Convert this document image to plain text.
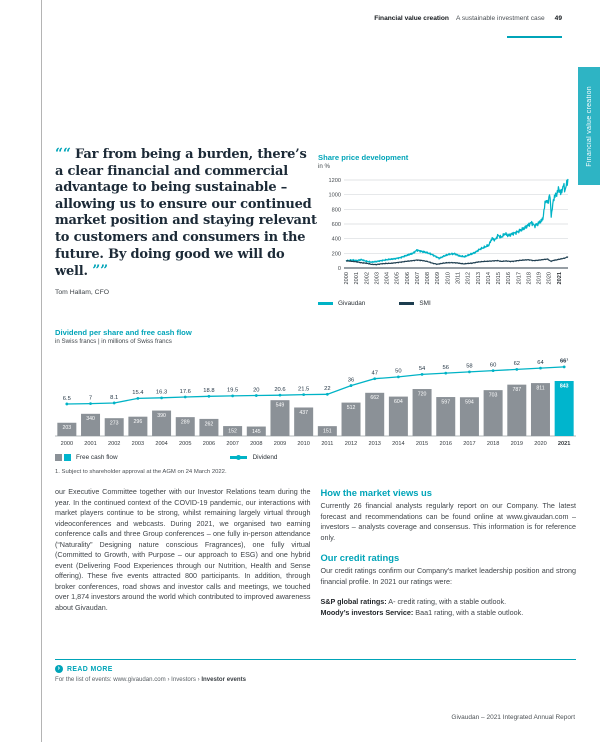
Financial value creation A sustainable investment case 49
Financial value creation
““ Far from being a burden, there’s a clear financial and commercial advantage to being sustainable – allowing us to ensure our continued market position and staying relevant to customers and consumers in the future. By doing good we will do well. ””
Tom Hallam, CFO
Share price development
in %
0
200
400
600
800
1000
1200
2000 2001 2002 2003 2004 2005 2006 2007 2008 2009 2010 2011 2012 2013 2014 2015 2016 2017 2018 2019 2020 2021
Givaudan	SMI
Dividend per share and free cash flow
in Swiss francs | in millions of Swiss francs
203
340
273	296
390
289	262
152	145
549
437
151
512
662
604
720
597	594
703
787	811	843
2000 2001 2002 2003 2004 2005 2006 2007 2008 2009 2010 2011 2012 2013 2014 2015 2016 2017 2018 2019 2020 2021
6.5	7	8.1
15.4 16.3 17.6 18.8 19.5	20	20.6 21.5	22
36
47	50	54	56	58	60	62	64	66¹
Free cash flow	Dividend
1. Subject to shareholder approval at the AGM on 24 March 2022.
our Executive Committee together with our Investor Relations team during the year. In the continued context of the COVID-19 pandemic, our interactions with market players continue to be strong, whilst remaining largely virtual through videoconferences and webcasts. During 2021, we organised two earning conference calls and three Group conferences – one fully in-person attendance (“Naturality” Designing nature conscious Fragrances), one fully virtual (Committed to Growth, with Purpose – our approach to ESG) and one hybrid event (Delivering Food Experiences through our Nutrition, Health and Sense offering). These five events attracted 800 participants. In addition, through broker conferences, road shows and investor calls and meetings, we touched over 1,874 investors around the world which contributed to improved awareness about Givaudan.
How the market views us
Currently 26 financial analysts regularly report on our Company. The latest forecast and recommendations can be found online at www.givaudan.com – investors – analysts coverage and consensus. This information is for reference only.
Our credit ratings
Our credit ratings confirm our Company’s market leadership position and strong financial profile. In 2021 our ratings were:
S&P global ratings: A- credit rating, with a stable outlook.
Moody’s investors Service: Baa1 rating, with a stable outlook.
› READ MORE
For the list of events: www.givaudan.com › Investors › Investor events
Givaudan – 2021 Integrated Annual Report
